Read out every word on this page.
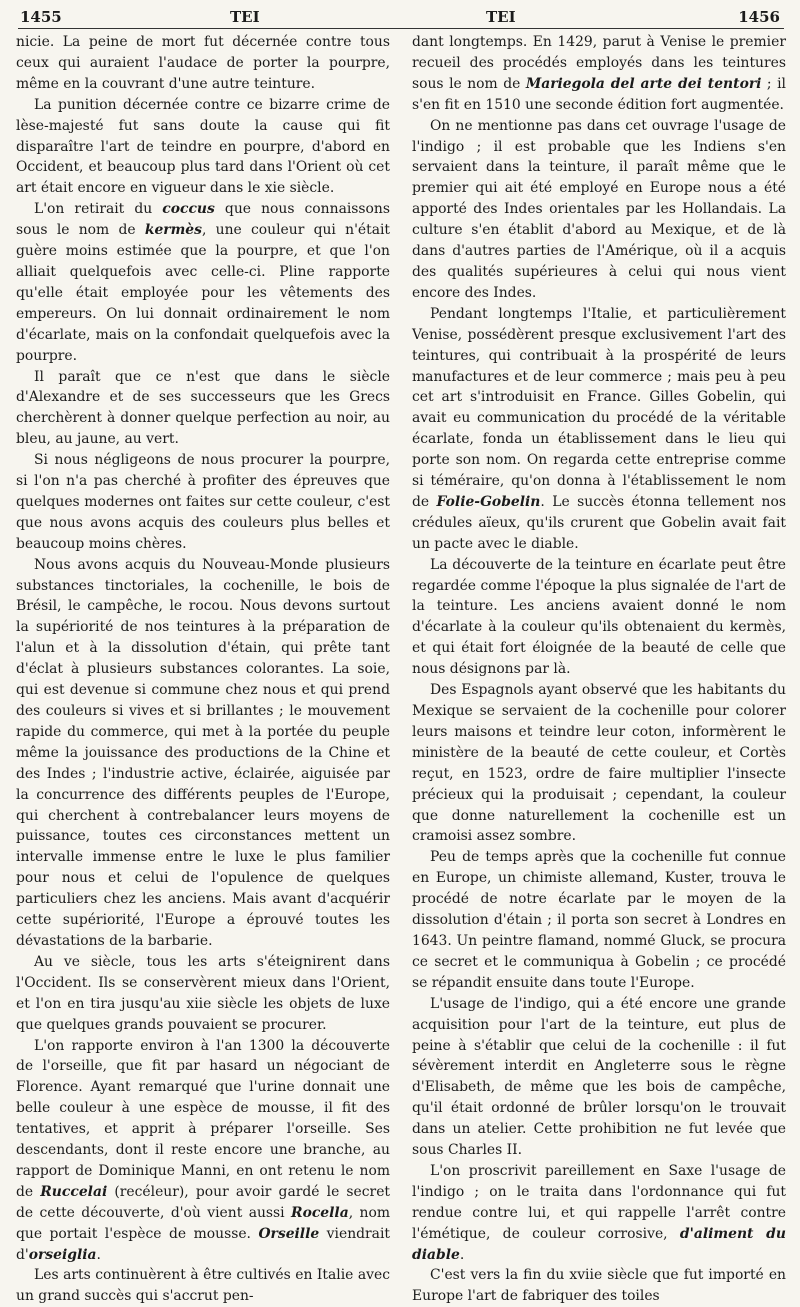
1455	TEI	TEI	1456

nicie. La peine de mort fut décernée contre tous ceux qui auraient l'audace de porter la pourpre, même en la couvrant d'une autre teinture.

La punition décernée contre ce bizarre crime de lèse-majesté fut sans doute la cause qui fit disparaître l'art de teindre en pourpre, d'abord en Occident, et beaucoup plus tard dans l'Orient où cet art était encore en vigueur dans le xie siècle.

L'on retirait du coccus que nous connaissons sous le nom de kermès, une couleur qui n'était guère moins estimée que la pourpre, et que l'on alliait quelquefois avec celle-ci. Pline rapporte qu'elle était employée pour les vêtements des empereurs. On lui donnait ordinairement le nom d'écarlate, mais on la confondait quelquefois avec la pourpre.

Il paraît que ce n'est que dans le siècle d'Alexandre et de ses successeurs que les Grecs cherchèrent à donner quelque perfection au noir, au bleu, au jaune, au vert.

Si nous négligeons de nous procurer la pourpre, si l'on n'a pas cherché à profiter des épreuves que quelques modernes ont faites sur cette couleur, c'est que nous avons acquis des couleurs plus belles et beaucoup moins chères.

Nous avons acquis du Nouveau-Monde plusieurs substances tinctoriales, la cochenille, le bois de Brésil, le campêche, le rocou. Nous devons surtout la supériorité de nos teintures à la préparation de l'alun et à la dissolution d'étain, qui prête tant d'éclat à plusieurs substances colorantes. La soie, qui est devenue si commune chez nous et qui prend des couleurs si vives et si brillantes ; le mouvement rapide du commerce, qui met à la portée du peuple même la jouissance des productions de la Chine et des Indes ; l'industrie active, éclairée, aiguisée par la concurrence des différents peuples de l'Europe, qui cherchent à contrebalancer leurs moyens de puissance, toutes ces circonstances mettent un intervalle immense entre le luxe le plus familier pour nous et celui de l'opulence de quelques particuliers chez les anciens. Mais avant d'acquérir cette supériorité, l'Europe a éprouvé toutes les dévastations de la barbarie.

Au ve siècle, tous les arts s'éteignirent dans l'Occident. Ils se conservèrent mieux dans l'Orient, et l'on en tira jusqu'au xiie siècle les objets de luxe que quelques grands pouvaient se procurer.

L'on rapporte environ à l'an 1300 la découverte de l'orseille, que fit par hasard un négociant de Florence. Ayant remarqué que l'urine donnait une belle couleur à une espèce de mousse, il fit des tentatives, et apprit à préparer l'orseille. Ses descendants, dont il reste encore une branche, au rapport de Dominique Manni, en ont retenu le nom de Ruccelai (recéleur), pour avoir gardé le secret de cette découverte, d'où vient aussi Rocella, nom que portait l'espèce de mousse. Orseille viendrait d'orseiglia.

Les arts continuèrent à être cultivés en Italie avec un grand succès qui s'accrut pen-

dant longtemps. En 1429, parut à Venise le premier recueil des procédés employés dans les teintures sous le nom de Mariegola del arte dei tentori ; il s'en fit en 1510 une seconde édition fort augmentée.

On ne mentionne pas dans cet ouvrage l'usage de l'indigo ; il est probable que les Indiens s'en servaient dans la teinture, il paraît même que le premier qui ait été employé en Europe nous a été apporté des Indes orientales par les Hollandais. La culture s'en établit d'abord au Mexique, et de là dans d'autres parties de l'Amérique, où il a acquis des qualités supérieures à celui qui nous vient encore des Indes.

Pendant longtemps l'Italie, et particulièrement Venise, possédèrent presque exclusivement l'art des teintures, qui contribuait à la prospérité de leurs manufactures et de leur commerce ; mais peu à peu cet art s'introduisit en France. Gilles Gobelin, qui avait eu communication du procédé de la véritable écarlate, fonda un établissement dans le lieu qui porte son nom. On regarda cette entreprise comme si téméraire, qu'on donna à l'établissement le nom de Folie-Gobelin. Le succès étonna tellement nos crédules aïeux, qu'ils crurent que Gobelin avait fait un pacte avec le diable.

La découverte de la teinture en écarlate peut être regardée comme l'époque la plus signalée de l'art de la teinture. Les anciens avaient donné le nom d'écarlate à la couleur qu'ils obtenaient du kermès, et qui était fort éloignée de la beauté de celle que nous désignons par là.

Des Espagnols ayant observé que les habitants du Mexique se servaient de la cochenille pour colorer leurs maisons et teindre leur coton, informèrent le ministère de la beauté de cette couleur, et Cortès reçut, en 1523, ordre de faire multiplier l'insecte précieux qui la produisait ; cependant, la couleur que donne naturellement la cochenille est un cramoisi assez sombre.

Peu de temps après que la cochenille fut connue en Europe, un chimiste allemand, Kuster, trouva le procédé de notre écarlate par le moyen de la dissolution d'étain ; il porta son secret à Londres en 1643. Un peintre flamand, nommé Gluck, se procura ce secret et le communiqua à Gobelin ; ce procédé se répandit ensuite dans toute l'Europe.

L'usage de l'indigo, qui a été encore une grande acquisition pour l'art de la teinture, eut plus de peine à s'établir que celui de la cochenille : il fut sévèrement interdit en Angleterre sous le règne d'Elisabeth, de même que les bois de campêche, qu'il était ordonné de brûler lorsqu'on le trouvait dans un atelier. Cette prohibition ne fut levée que sous Charles II.

L'on proscrivit pareillement en Saxe l'usage de l'indigo ; on le traita dans l'ordonnance qui fut rendue contre lui, et qui rappelle l'arrêt contre l'émétique, de couleur corrosive, d'aliment du diable.

C'est vers la fin du xviie siècle que fut importé en Europe l'art de fabriquer des toiles
